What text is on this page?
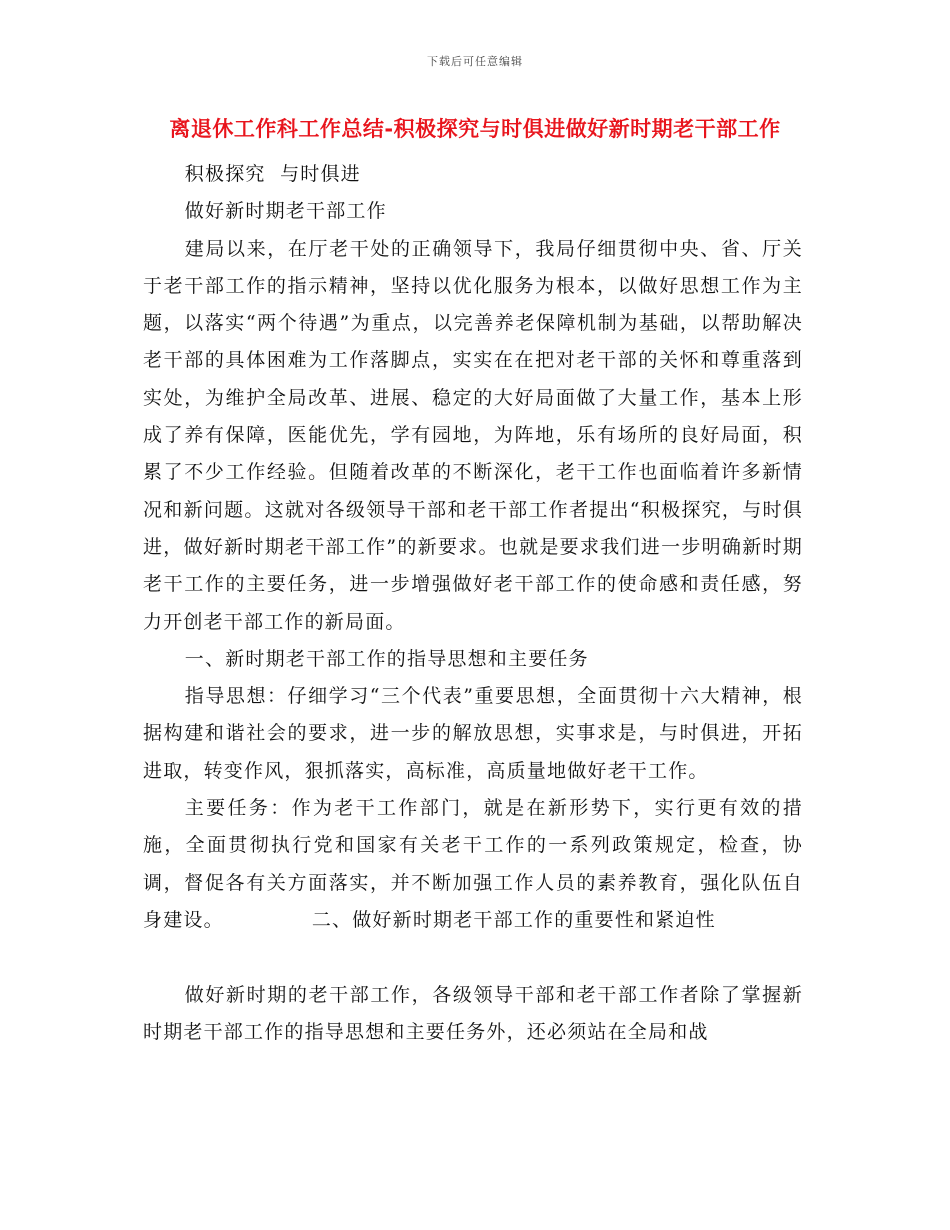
下载后可任意编辑
离退休工作科工作总结-积极探究与时俱进做好新时期老干部工作

积极探究  与时俱进

做好新时期老干部工作

建局以来，在厅老干处的正确领导下，我局仔细贯彻中央、省、厅关于老干部工作的指示精神，坚持以优化服务为根本，以做好思想工作为主题，以落实“两个待遇”为重点，以完善养老保障机制为基础，以帮助解决老干部的具体困难为工作落脚点，实实在在把对老干部的关怀和尊重落到实处，为维护全局改革、进展、稳定的大好局面做了大量工作，基本上形成了养有保障，医能优先，学有园地，为阵地，乐有场所的良好局面，积累了不少工作经验。但随着改革的不断深化，老干工作也面临着许多新情况和新问题。这就对各级领导干部和老干部工作者提出“积极探究，与时俱进，做好新时期老干部工作”的新要求。也就是要求我们进一步明确新时期老干工作的主要任务，进一步增强做好老干部工作的使命感和责任感，努力开创老干部工作的新局面。

一、新时期老干部工作的指导思想和主要任务

指导思想：仔细学习“三个代表”重要思想，全面贯彻十六大精神，根据构建和谐社会的要求，进一步的解放思想，实事求是，与时俱进，开拓进取，转变作风，狠抓落实，高标准，高质量地做好老干工作。

主要任务：作为老干工作部门，就是在新形势下，实行更有效的措施，全面贯彻执行党和国家有关老干工作的一系列政策规定，检查，协调，督促各有关方面落实，并不断加强工作人员的素养教育，强化队伍自身建设。	二、做好新时期老干部工作的重要性和紧迫性

做好新时期的老干部工作，各级领导干部和老干部工作者除了掌握新时期老干部工作的指导思想和主要任务外，还必须站在全局和战
